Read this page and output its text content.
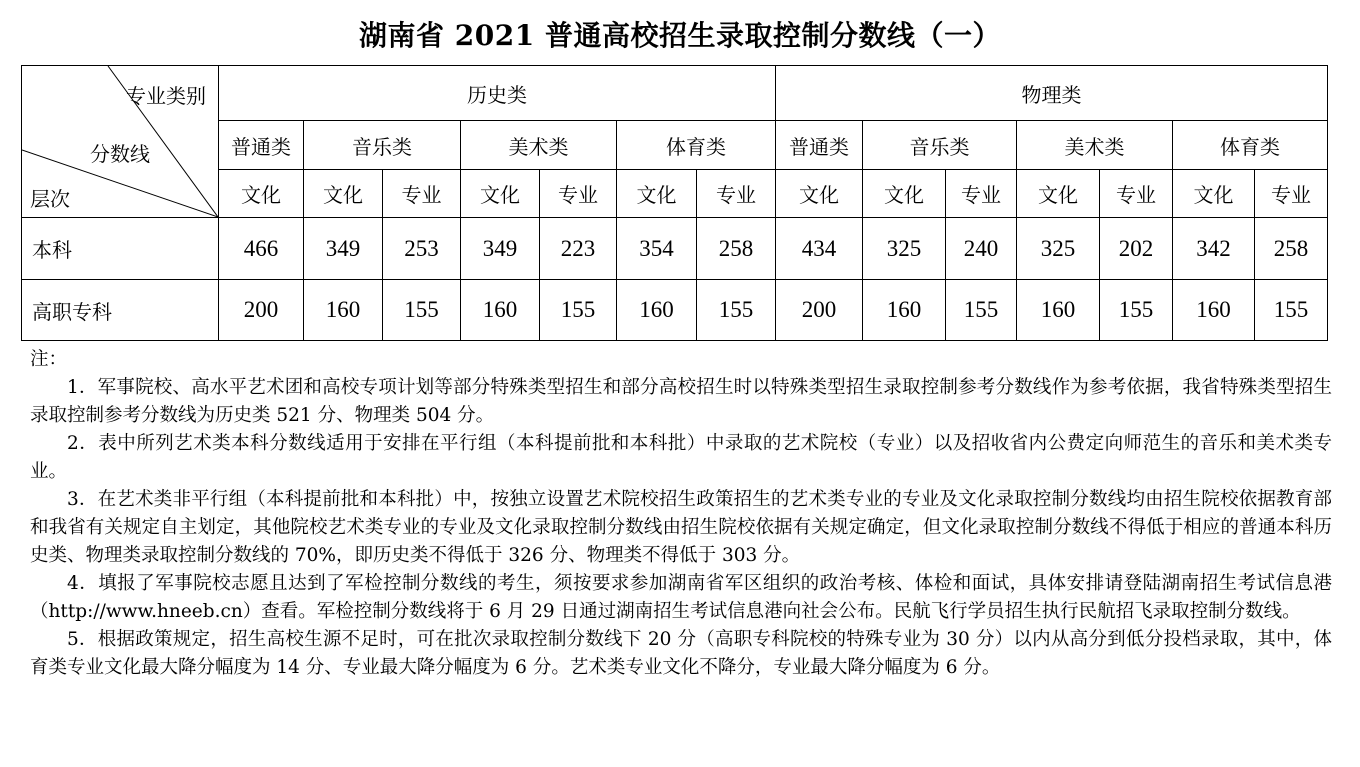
湖南省 2021 普通高校招生录取控制分数线（一）
专业类别
分数线
层次	历史类							物理类						
	普通类	音乐类		美术类		体育类		普通类	音乐类		美术类		体育类	
	文化	文化	专业	文化	专业	文化	专业	文化	文化	专业	文化	专业	文化	专业
本科	466	349	253	349	223	354	258	434	325	240	325	202	342	258
高职专科	200	160	155	160	155	160	155	200	160	155	160	155	160	155

注：

1．军事院校、高水平艺术团和高校专项计划等部分特殊类型招生和部分高校招生时以特殊类型招生录取控制参考分数线作为参考依据，我省特殊类型招生录取控制参考分数线为历史类 521 分、物理类 504 分。

2．表中所列艺术类本科分数线适用于安排在平行组（本科提前批和本科批）中录取的艺术院校（专业）以及招收省内公费定向师范生的音乐和美术类专业。

3．在艺术类非平行组（本科提前批和本科批）中，按独立设置艺术院校招生政策招生的艺术类专业的专业及文化录取控制分数线均由招生院校依据教育部和我省有关规定自主划定，其他院校艺术类专业的专业及文化录取控制分数线由招生院校依据有关规定确定，但文化录取控制分数线不得低于相应的普通本科历史类、物理类录取控制分数线的 70%，即历史类不得低于 326 分、物理类不得低于 303 分。

4．填报了军事院校志愿且达到了军检控制分数线的考生，须按要求参加湖南省军区组织的政治考核、体检和面试，具体安排请登陆湖南招生考试信息港（http://www.hneeb.cn）查看。军检控制分数线将于 6 月 29 日通过湖南招生考试信息港向社会公布。民航飞行学员招生执行民航招飞录取控制分数线。

5．根据政策规定，招生高校生源不足时，可在批次录取控制分数线下 20 分（高职专科院校的特殊专业为 30 分）以内从高分到低分投档录取，其中，体育类专业文化最大降分幅度为 14 分、专业最大降分幅度为 6 分。艺术类专业文化不降分，专业最大降分幅度为 6 分。
